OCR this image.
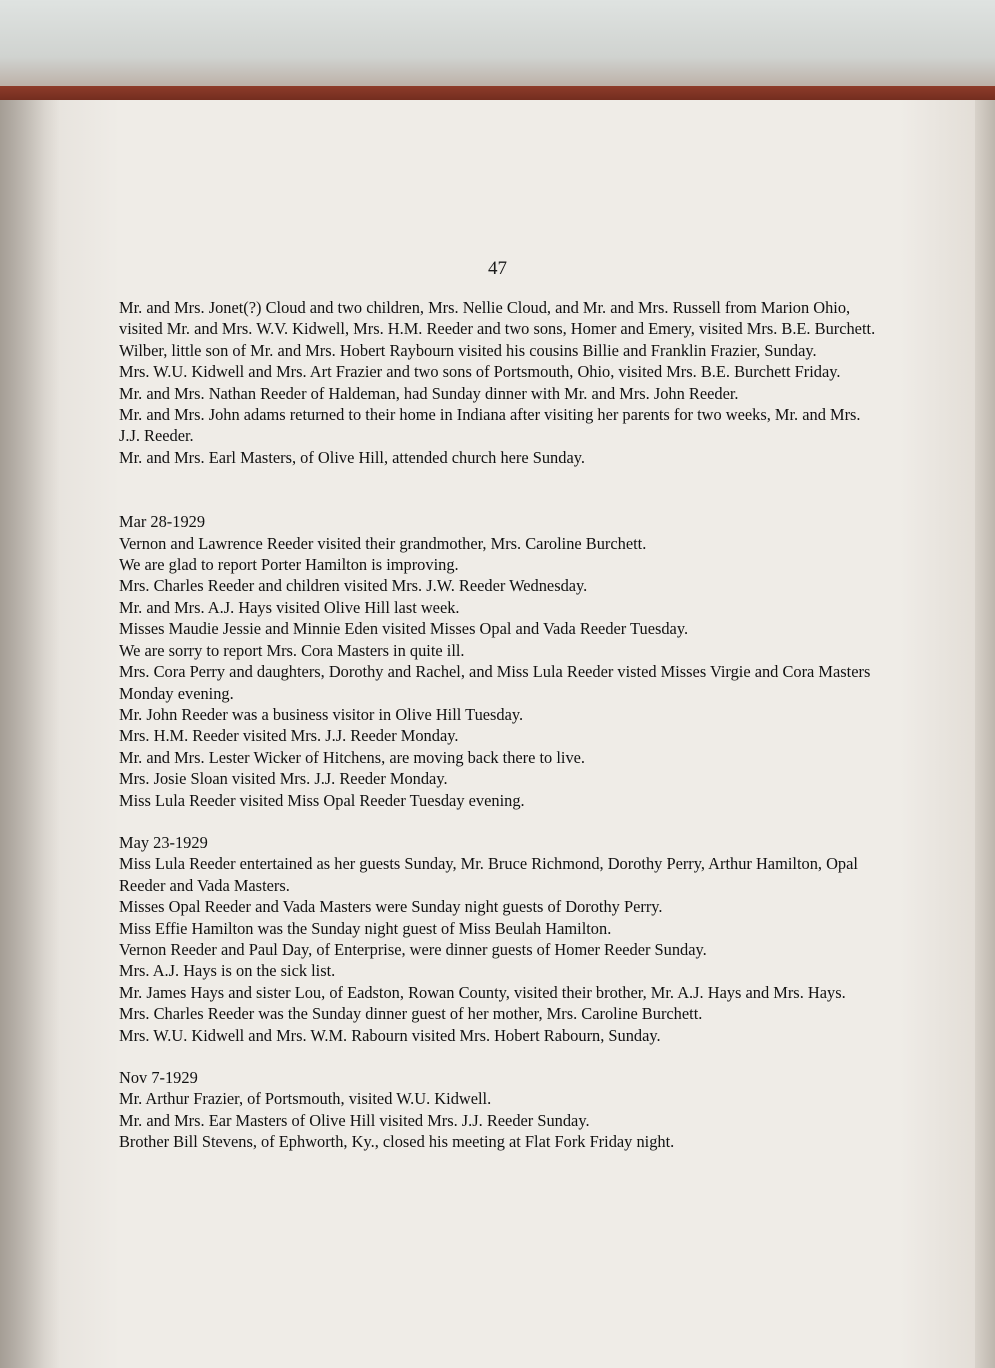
47

Mr. and Mrs. Jonet(?) Cloud and two children, Mrs. Nellie Cloud, and Mr. and Mrs. Russell from Marion Ohio, visited Mr. and Mrs. W.V. Kidwell, Mrs. H.M. Reeder and two sons, Homer and Emery, visited Mrs. B.E. Burchett.

Wilber, little son of Mr. and Mrs. Hobert Raybourn visited his cousins Billie and Franklin Frazier, Sunday.

Mrs. W.U. Kidwell and Mrs. Art Frazier and two sons of Portsmouth, Ohio, visited Mrs. B.E. Burchett Friday.

Mr. and Mrs. Nathan Reeder of Haldeman, had Sunday dinner with Mr. and Mrs. John Reeder.

Mr. and Mrs. John adams returned to their home in Indiana after visiting her parents for two weeks, Mr. and Mrs. J.J. Reeder.

Mr. and Mrs. Earl Masters, of Olive Hill, attended church here Sunday.

Mar 28-1929

Vernon and Lawrence Reeder visited their grandmother, Mrs. Caroline Burchett.

We are glad to report Porter Hamilton is improving.

Mrs. Charles Reeder and children visited Mrs. J.W. Reeder Wednesday.

Mr. and Mrs. A.J. Hays visited Olive Hill last week.

Misses Maudie Jessie and Minnie Eden visited Misses Opal and Vada Reeder Tuesday.

We are sorry to report Mrs. Cora Masters in quite ill.

Mrs. Cora Perry and daughters, Dorothy and Rachel, and Miss Lula Reeder visted Misses Virgie and Cora Masters Monday evening.

Mr. John Reeder was a business visitor in Olive Hill Tuesday.

Mrs. H.M. Reeder visited Mrs. J.J. Reeder Monday.

Mr. and Mrs. Lester Wicker of Hitchens, are moving back there to live.

Mrs. Josie Sloan visited Mrs. J.J. Reeder Monday.

Miss Lula Reeder visited Miss Opal Reeder Tuesday evening.

May 23-1929

Miss Lula Reeder entertained as her guests Sunday, Mr. Bruce Richmond, Dorothy Perry, Arthur Hamilton, Opal Reeder and Vada Masters.

Misses Opal Reeder and Vada Masters were Sunday night guests of Dorothy Perry.

Miss Effie Hamilton was the Sunday night guest of Miss Beulah Hamilton.

Vernon Reeder and Paul Day, of Enterprise, were dinner guests of Homer Reeder Sunday.

Mrs. A.J. Hays is on the sick list.

Mr. James Hays and sister Lou, of Eadston, Rowan County, visited their brother, Mr. A.J. Hays and Mrs. Hays.

Mrs. Charles Reeder was the Sunday dinner guest of her mother, Mrs. Caroline Burchett.

Mrs. W.U. Kidwell and Mrs. W.M. Rabourn visited Mrs. Hobert Rabourn, Sunday.

Nov 7-1929

Mr. Arthur Frazier, of Portsmouth, visited W.U. Kidwell.

Mr. and Mrs. Ear Masters of Olive Hill visited Mrs. J.J. Reeder Sunday.

Brother Bill Stevens, of Ephworth, Ky., closed his meeting at Flat Fork Friday night.
